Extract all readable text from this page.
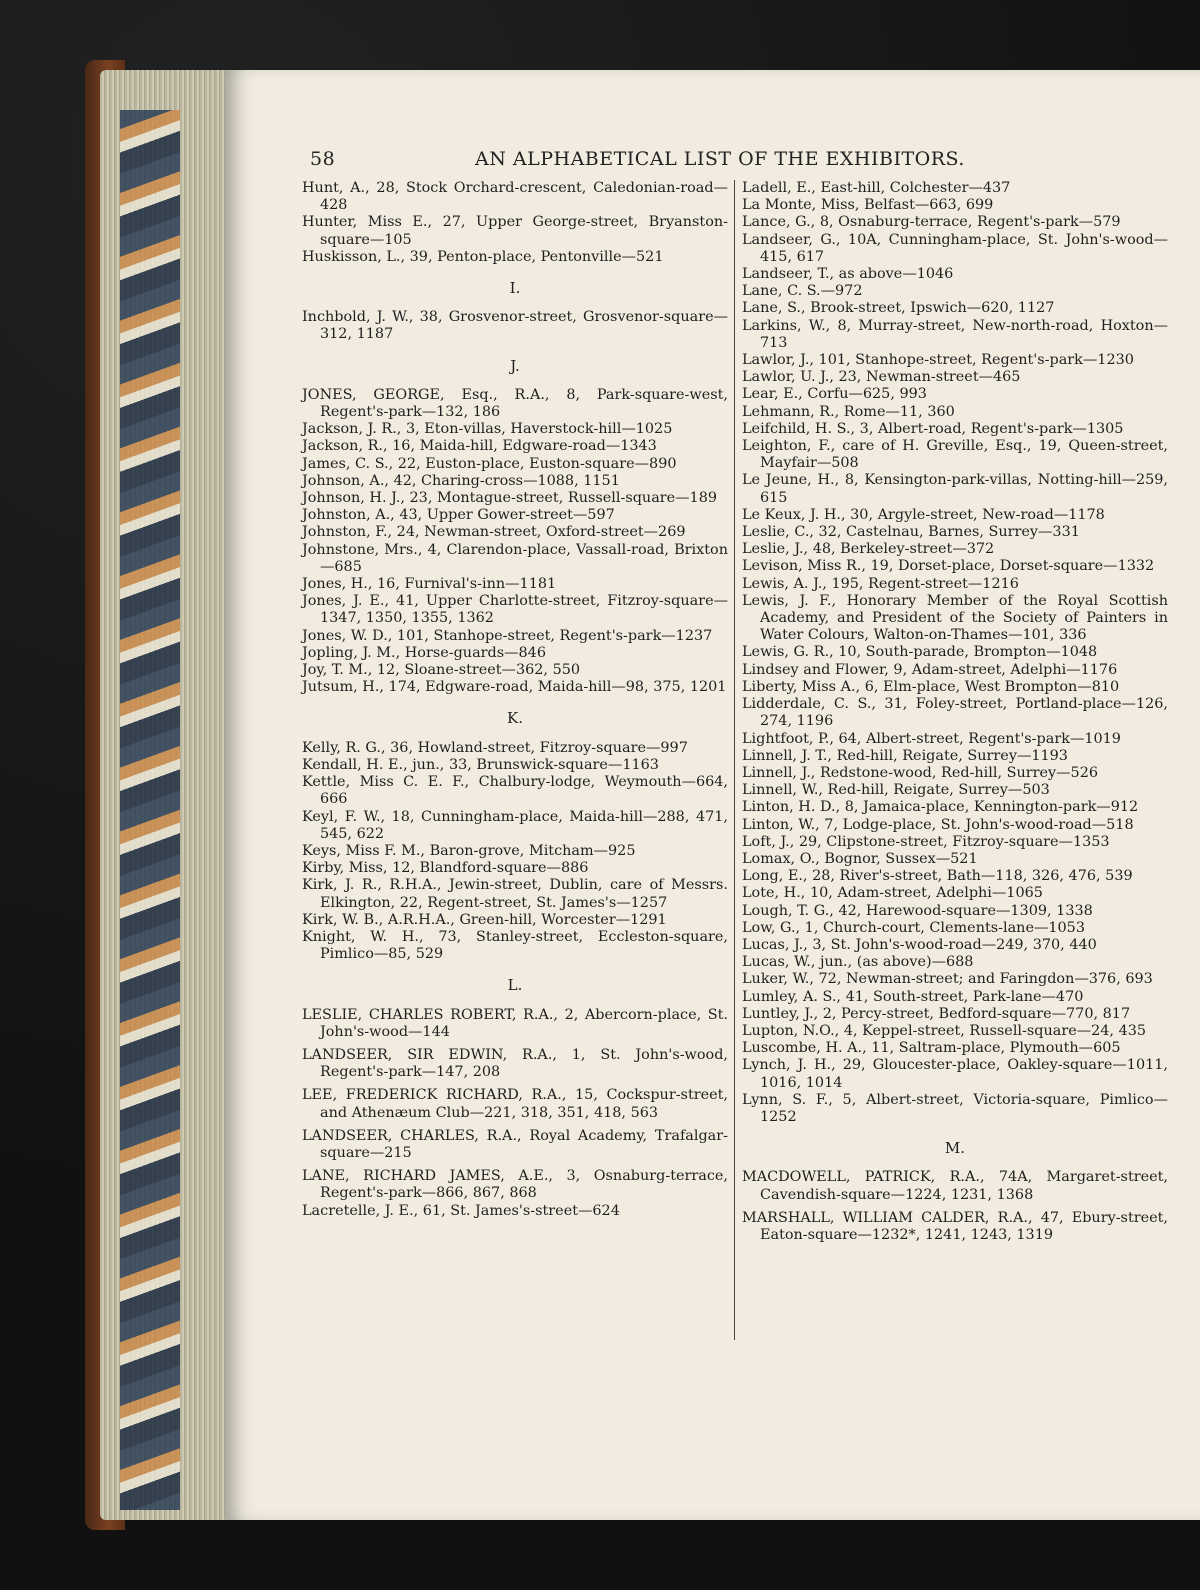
58	AN ALPHABETICAL LIST OF THE EXHIBITORS.

Hunt, A., 28, Stock Orchard-crescent, Caledonian-road—428

Hunter, Miss E., 27, Upper George-street, Bryanston-square—105

Huskisson, L., 39, Penton-place, Pentonville—521

I.

Inchbold, J. W., 38, Grosvenor-street, Grosvenor-square—312, 1187

J.

JONES, GEORGE, Esq., R.A., 8, Park-square-west, Regent's-park—132, 186

Jackson, J. R., 3, Eton-villas, Haverstock-hill—1025

Jackson, R., 16, Maida-hill, Edgware-road—1343

James, C. S., 22, Euston-place, Euston-square—890

Johnson, A., 42, Charing-cross—1088, 1151

Johnson, H. J., 23, Montague-street, Russell-square—189

Johnston, A., 43, Upper Gower-street—597

Johnston, F., 24, Newman-street, Oxford-street—269

Johnstone, Mrs., 4, Clarendon-place, Vassall-road, Brixton—685

Jones, H., 16, Furnival's-inn—1181

Jones, J. E., 41, Upper Charlotte-street, Fitzroy-square—1347, 1350, 1355, 1362

Jones, W. D., 101, Stanhope-street, Regent's-park—1237

Jopling, J. M., Horse-guards—846

Joy, T. M., 12, Sloane-street—362, 550

Jutsum, H., 174, Edgware-road, Maida-hill—98, 375, 1201

K.

Kelly, R. G., 36, Howland-street, Fitzroy-square—997

Kendall, H. E., jun., 33, Brunswick-square—1163

Kettle, Miss C. E. F., Chalbury-lodge, Weymouth—664, 666

Keyl, F. W., 18, Cunningham-place, Maida-hill—288, 471, 545, 622

Keys, Miss F. M., Baron-grove, Mitcham—925

Kirby, Miss, 12, Blandford-square—886

Kirk, J. R., R.H.A., Jewin-street, Dublin, care of Messrs. Elkington, 22, Regent-street, St. James's—1257

Kirk, W. B., A.R.H.A., Green-hill, Worcester—1291

Knight, W. H., 73, Stanley-street, Eccleston-square, Pimlico—85, 529

L.

LESLIE, CHARLES ROBERT, R.A., 2, Abercorn-place, St. John's-wood—144

LANDSEER, SIR EDWIN, R.A., 1, St. John's-wood, Regent's-park—147, 208

LEE, FREDERICK RICHARD, R.A., 15, Cockspur-street, and Athenæum Club—221, 318, 351, 418, 563

LANDSEER, CHARLES, R.A., Royal Academy, Trafalgar-square—215

LANE, RICHARD JAMES, A.E., 3, Osnaburg-terrace, Regent's-park—866, 867, 868

Lacretelle, J. E., 61, St. James's-street—624

Ladell, E., East-hill, Colchester—437

La Monte, Miss, Belfast—663, 699

Lance, G., 8, Osnaburg-terrace, Regent's-park—579

Landseer, G., 10A, Cunningham-place, St. John's-wood—415, 617

Landseer, T., as above—1046

Lane, C. S.—972

Lane, S., Brook-street, Ipswich—620, 1127

Larkins, W., 8, Murray-street, New-north-road, Hoxton—713

Lawlor, J., 101, Stanhope-street, Regent's-park—1230

Lawlor, U. J., 23, Newman-street—465

Lear, E., Corfu—625, 993

Lehmann, R., Rome—11, 360

Leifchild, H. S., 3, Albert-road, Regent's-park—1305

Leighton, F., care of H. Greville, Esq., 19, Queen-street, Mayfair—508

Le Jeune, H., 8, Kensington-park-villas, Notting-hill—259, 615

Le Keux, J. H., 30, Argyle-street, New-road—1178

Leslie, C., 32, Castelnau, Barnes, Surrey—331

Leslie, J., 48, Berkeley-street—372

Levison, Miss R., 19, Dorset-place, Dorset-square—1332

Lewis, A. J., 195, Regent-street—1216

Lewis, J. F., Honorary Member of the Royal Scottish Academy, and President of the Society of Painters in Water Colours, Walton-on-Thames—101, 336

Lewis, G. R., 10, South-parade, Brompton—1048

Lindsey and Flower, 9, Adam-street, Adelphi—1176

Liberty, Miss A., 6, Elm-place, West Brompton—810

Lidderdale, C. S., 31, Foley-street, Portland-place—126, 274, 1196

Lightfoot, P., 64, Albert-street, Regent's-park—1019

Linnell, J. T., Red-hill, Reigate, Surrey—1193

Linnell, J., Redstone-wood, Red-hill, Surrey—526

Linnell, W., Red-hill, Reigate, Surrey—503

Linton, H. D., 8, Jamaica-place, Kennington-park—912

Linton, W., 7, Lodge-place, St. John's-wood-road—518

Loft, J., 29, Clipstone-street, Fitzroy-square—1353

Lomax, O., Bognor, Sussex—521

Long, E., 28, River's-street, Bath—118, 326, 476, 539

Lote, H., 10, Adam-street, Adelphi—1065

Lough, T. G., 42, Harewood-square—1309, 1338

Low, G., 1, Church-court, Clements-lane—1053

Lucas, J., 3, St. John's-wood-road—249, 370, 440

Lucas, W., jun., (as above)—688

Luker, W., 72, Newman-street; and Faringdon—376, 693

Lumley, A. S., 41, South-street, Park-lane—470

Luntley, J., 2, Percy-street, Bedford-square—770, 817

Lupton, N.O., 4, Keppel-street, Russell-square—24, 435

Luscombe, H. A., 11, Saltram-place, Plymouth—605

Lynch, J. H., 29, Gloucester-place, Oakley-square—1011, 1016, 1014

Lynn, S. F., 5, Albert-street, Victoria-square, Pimlico—1252

M.

MACDOWELL, PATRICK, R.A., 74A, Margaret-street, Cavendish-square—1224, 1231, 1368

MARSHALL, WILLIAM CALDER, R.A., 47, Ebury-street, Eaton-square—1232*, 1241, 1243, 1319
